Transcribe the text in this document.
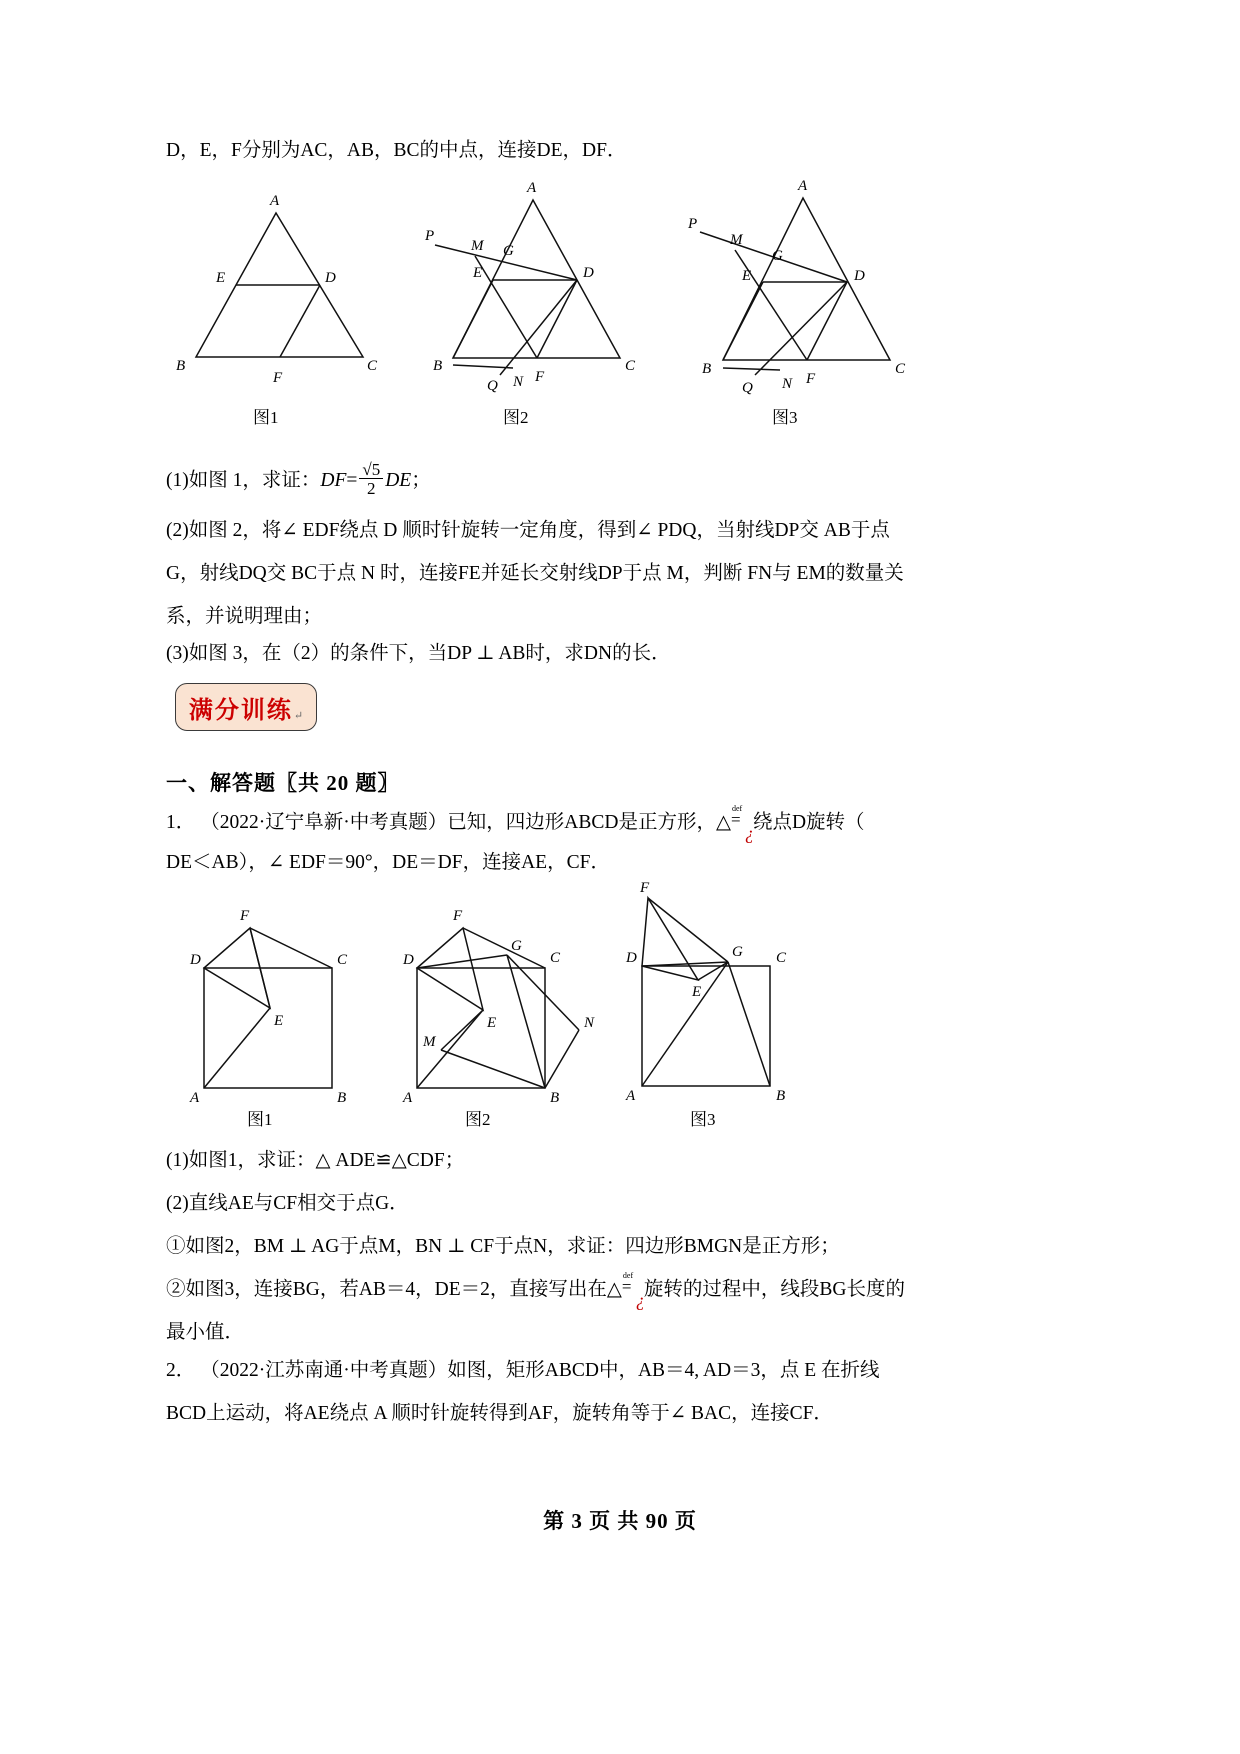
D，E，F分别为AC，AB，BC的中点，连接DE，DF．
A
E	D
B
F
C
图1
A
P
M G
E	D
B
Q N F
C
图2
P
A
M
G
E	D
B
Q N F
C
图3
(1)如图 1，求证：$DF= \frac{√5}{2}$ DE；
(2)如图 2，将∠ EDF绕点 D 顺时针旋转一定角度，得到∠ PDQ，当射线DP交 AB于点
G，射线DQ交 BC于点 N 时，连接FE并延长交射线DP于点 M，判断 FN与 EM的数量关
系，并说明理由；
(3)如图 3，在（2）的条件下，当DP ⊥ AB时，求DN的长．
满分训练 ↵
一、解答题〖共 20 题〗
1． （2022·辽宁阜新·中考真题）已知，四边形ABCD是正方形，△
def
=
¿ 绕点D旋转（
DE＜AB），∠ EDF＝90°，DE＝DF，连接AE，CF．
F
D	C
E
A	B
图1
F
D
G
C
N
E
M
A	B
图2
F
D	G C
E
A	B
图3
(1)如图1，求证：△ ADE≌△CDF；
(2)直线AE与CF相交于点G．
①如图2，BM ⊥ AG于点M，BN ⊥ CF于点N，求证：四边形BMGN是正方形；
②如图3，连接BG，若AB＝4，DE＝2，直接写出在△
def
=
¿ 旋转的过程中，线段BG长度的
最小值．
2． （2022·江苏南通·中考真题）如图，矩形ABCD中，AB＝4, AD＝3，点 E 在折线
BCD上运动，将AE绕点 A 顺时针旋转得到AF，旋转角等于∠ BAC，连接CF．
第 3 页 共 90 页
